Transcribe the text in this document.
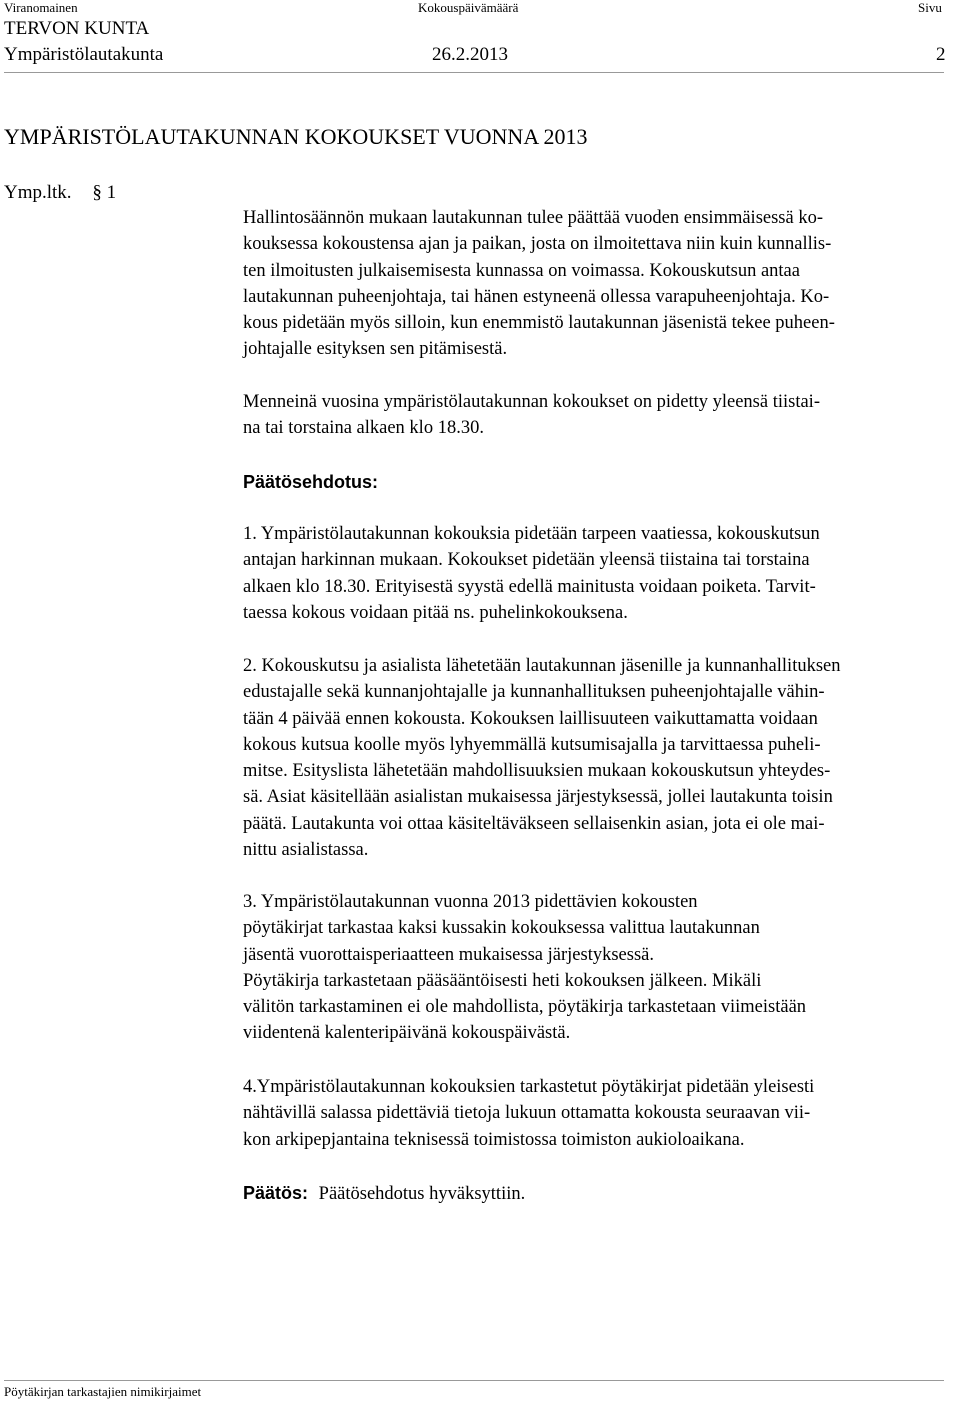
Viranomainen	Kokouspäivämäärä	Sivu
TERVON KUNTA
Ympäristölautakunta	26.2.2013	2
YMPÄRISTÖLAUTAKUNNAN KOKOUKSET VUONNA 2013
Ymp.ltk. § 1

Hallintosäännön mukaan lautakunnan tulee päättää vuoden ensimmäisessä ko-

kouksessa kokoustensa ajan ja paikan, josta on ilmoitettava niin kuin kunnallis-

ten ilmoitusten julkaisemisesta kunnassa on voimassa. Kokouskutsun antaa

lautakunnan puheenjohtaja, tai hänen estyneenä ollessa varapuheenjohtaja. Ko-

kous pidetään myös silloin, kun enemmistö lautakunnan jäsenistä tekee puheen-

johtajalle esityksen sen pitämisestä.

Menneinä vuosina ympäristölautakunnan kokoukset on pidetty yleensä tiistai-

na tai torstaina alkaen klo 18.30.

Päätösehdotus:

1. Ympäristölautakunnan kokouksia pidetään tarpeen vaatiessa, kokouskutsun

antajan harkinnan mukaan. Kokoukset pidetään yleensä tiistaina tai torstaina

alkaen klo 18.30. Erityisestä syystä edellä mainitusta voidaan poiketa. Tarvit-

taessa kokous voidaan pitää ns. puhelinkokouksena.

2. Kokouskutsu ja asialista lähetetään lautakunnan jäsenille ja kunnanhallituksen

edustajalle sekä kunnanjohtajalle ja kunnanhallituksen puheenjohtajalle vähin-

tään 4 päivää ennen kokousta. Kokouksen laillisuuteen vaikuttamatta voidaan

kokous kutsua koolle myös lyhyemmällä kutsumisajalla ja tarvittaessa puheli-

mitse. Esityslista lähetetään mahdollisuuksien mukaan kokouskutsun yhteydes-

sä. Asiat käsitellään asialistan mukaisessa järjestyksessä, jollei lautakunta toisin

päätä. Lautakunta voi ottaa käsiteltäväkseen sellaisenkin asian, jota ei ole mai-

nittu asialistassa.

3. Ympäristölautakunnan vuonna 2013 pidettävien kokousten

pöytäkirjat tarkastaa kaksi kussakin kokouksessa valittua lautakunnan

jäsentä vuorottaisperiaatteen mukaisessa järjestyksessä.

Pöytäkirja tarkastetaan pääsääntöisesti heti kokouksen jälkeen. Mikäli

välitön tarkastaminen ei ole mahdollista, pöytäkirja tarkastetaan viimeistään

viidentenä kalenteripäivänä kokouspäivästä.

4.Ympäristölautakunnan kokouksien tarkastetut pöytäkirjat pidetään yleisesti

nähtävillä salassa pidettäviä tietoja lukuun ottamatta kokousta seuraavan vii-

kon arkipерjantaina teknisessä toimistossa toimiston aukioloaikana.

Päätös: Päätösehdotus hyväksyttiin.
Pöytäkirjan tarkastajien nimikirjaimet
